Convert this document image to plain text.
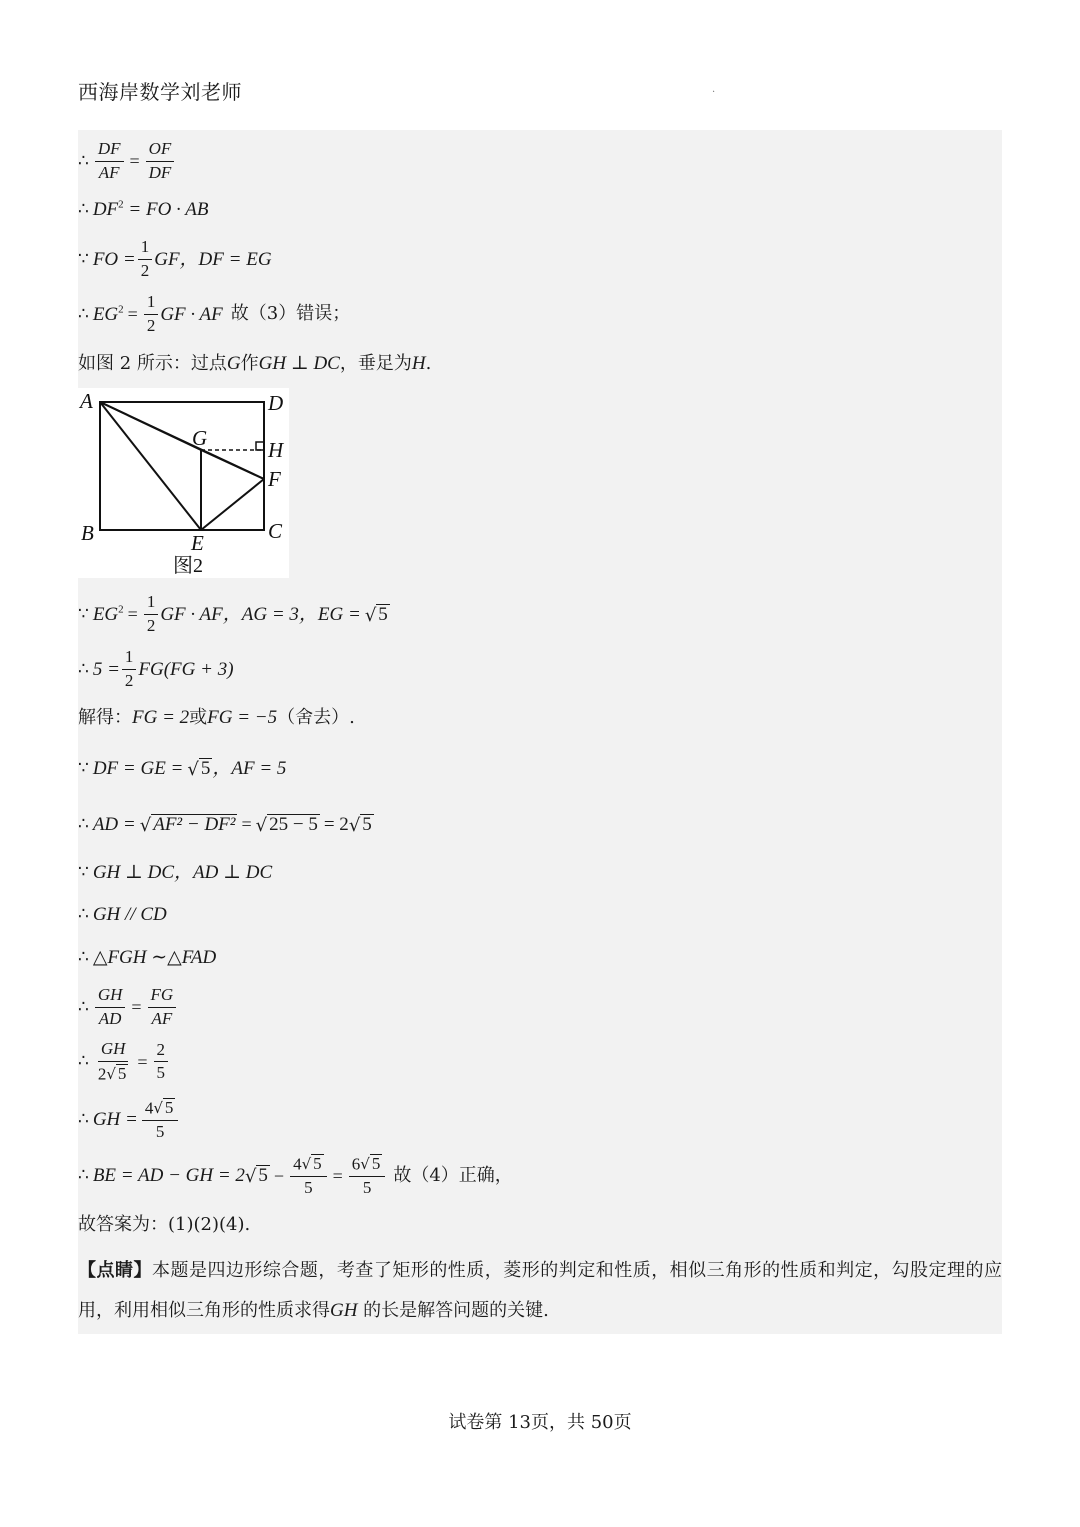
西海岸数学刘老师	.
∴ $\frac{DF}{AF} = \frac{OF}{DF}$
∴ $DF^2$ = FO · AB
∵ FO = $\frac{1}{2}$ GF，DF = EG
∴ $EG^2 = \frac{1}{2}$ GF · AF 故（3）错误；
如图 2 所示：过点 G 作 GH ⊥ DC ，垂足为 H .
A	D
G	H
F
B	E	C
图2
∵ $EG^2 = \frac{1}{2}$ GF · AF，AG = 3，EG = √ 5
∴ $5 = \frac{1}{2} FG(FG + 3)$
解得： FG = 2 或 FG = −5 （舍去）.
∵ DF = GE = √ 5 ，AF = 5
∴ AD = √ AF² − DF² = √ 25 − 5 = 2 √ 5
∵ GH ⊥ DC，AD ⊥ DC
∴ GH // CD
∴ △FGH ∼△FAD
∴ $\frac{GH}{AD} = \frac{FG}{AF}$
∴ $\frac{GH}{2 √ 5} = \frac{2}{5}$
∴ GH = $\frac{4 √ 5}{5}$
∴ BE = AD − GH = 2 √ $5 - \frac{4 √ 5}{5} = \frac{6 √ 5}{5}$ 故（4）正确，
故答案为：(1)(2)(4).
【点睛】本题是四边形综合题，考查了矩形的性质，菱形的判定和性质，相似三角形的性质和判定，勾股定理的应用，利用相似三角形的性质求得GH 的长是解答问题的关键.
试卷第 13页，共 50页
